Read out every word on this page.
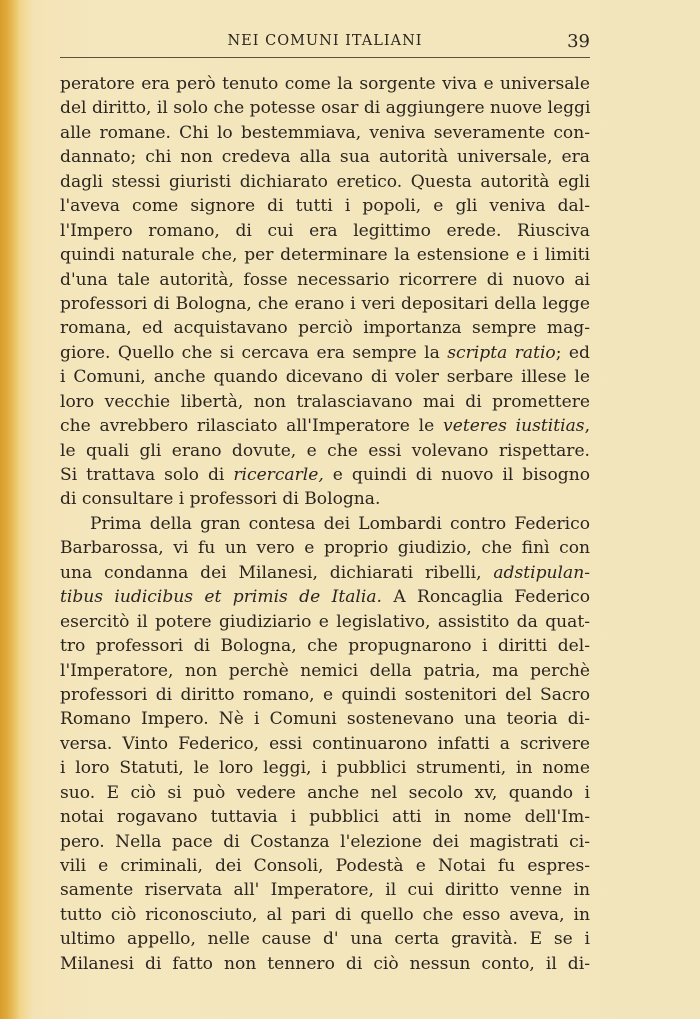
NEI COMUNI ITALIANI	39
peratore era però tenuto come la sorgente viva e universale
del diritto, il solo che potesse osar di aggiungere nuove leggi
alle romane. Chi lo bestemmiava, veniva severamente con-
dannato; chi non credeva alla sua autorità universale, era
dagli stessi giuristi dichiarato eretico. Questa autorità egli
l'aveva come signore di tutti i popoli, e gli veniva dal-
l'Impero romano, di cui era legittimo erede. Riusciva
quindi naturale che, per determinare la estensione e i limiti
d'una tale autorità, fosse necessario ricorrere di nuovo ai
professori di Bologna, che erano i veri depositari della legge
romana, ed acquistavano perciò importanza sempre mag-
giore. Quello che si cercava era sempre la scripta ratio; ed
i Comuni, anche quando dicevano di voler serbare illese le
loro vecchie libertà, non tralasciavano mai di promettere
che avrebbero rilasciato all'Imperatore le veteres iustitias,
le quali gli erano dovute, e che essi volevano rispettare.
Si trattava solo di ricercarle, e quindi di nuovo il bisogno
di consultare i professori di Bologna.
Prima della gran contesa dei Lombardi contro Federico
Barbarossa, vi fu un vero e proprio giudizio, che finì con
una condanna dei Milanesi, dichiarati ribelli, adstipulan-
tibus iudicibus et primis de Italia. A Roncaglia Federico
esercitò il potere giudiziario e legislativo, assistito da quat-
tro professori di Bologna, che propugnarono i diritti del-
l'Imperatore, non perchè nemici della patria, ma perchè
professori di diritto romano, e quindi sostenitori del Sacro
Romano Impero. Nè i Comuni sostenevano una teoria di-
versa. Vinto Federico, essi continuarono infatti a scrivere
i loro Statuti, le loro leggi, i pubblici strumenti, in nome
suo. E ciò si può vedere anche nel secolo xv, quando i
notai rogavano tuttavia i pubblici atti in nome dell'Im-
pero. Nella pace di Costanza l'elezione dei magistrati ci-
vili e criminali, dei Consoli, Podestà e Notai fu espres-
samente riservata all' Imperatore, il cui diritto venne in
tutto ciò riconosciuto, al pari di quello che esso aveva, in
ultimo appello, nelle cause d' una certa gravità. E se i
Milanesi di fatto non tennero di ciò nessun conto, il di-
